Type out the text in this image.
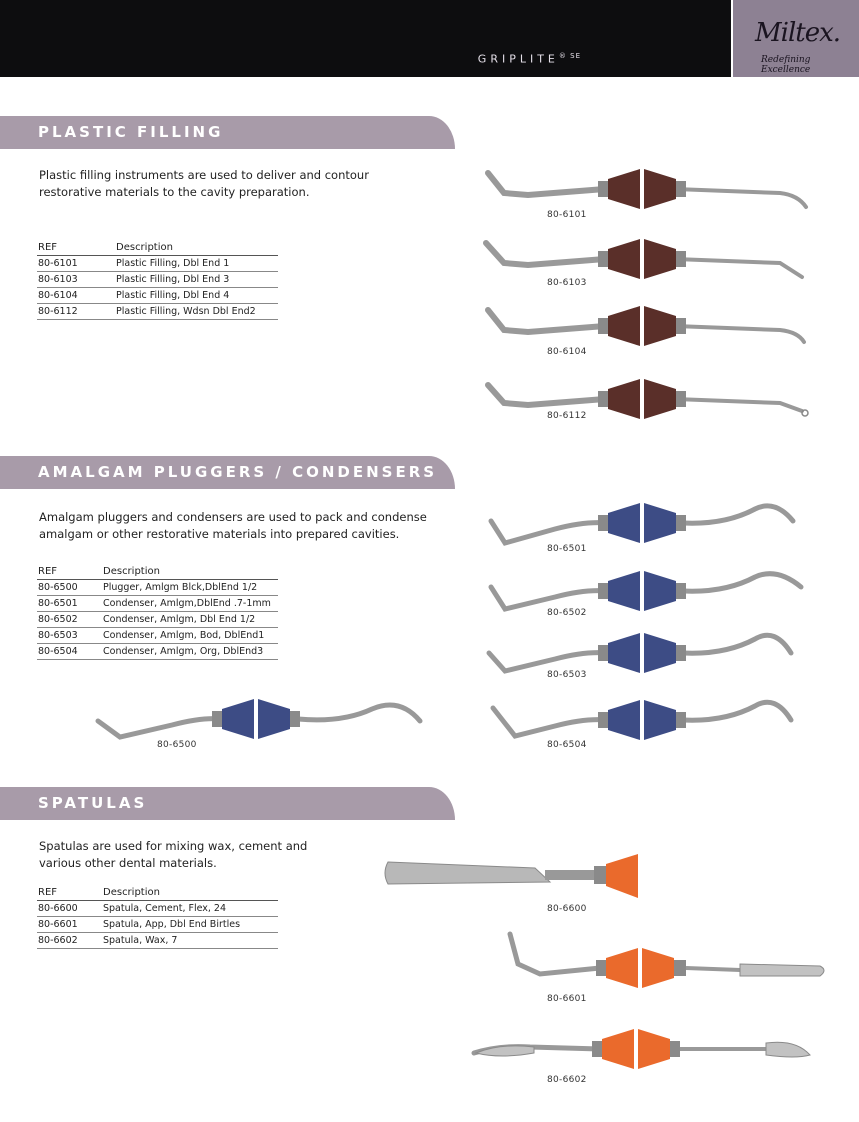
$GRIPLITE^{® SE}$
Miltex.
Redefining Excellence
PLASTIC FILLING
Plastic filling instruments are used to deliver and contour
restorative materials to the cavity preparation.
REF	Description
80-6101	Plastic Filling, Dbl End 1
80-6103	Plastic Filling, Dbl End 3
80-6104	Plastic Filling, Dbl End 4
80-6112	Plastic Filling, Wdsn Dbl End2
AMALGAM PLUGGERS / CONDENSERS
Amalgam pluggers and condensers are used to pack and condense
amalgam or other restorative materials into prepared cavities.
REF	Description
80-6500	Plugger, Amlgm Blck,DblEnd 1/2
80-6501	Condenser, Amlgm,DblEnd .7-1mm
80-6502	Condenser, Amlgm, Dbl End 1/2
80-6503	Condenser, Amlgm, Bod, DblEnd1
80-6504	Condenser, Amlgm, Org, DblEnd3
SPATULAS
Spatulas are used for mixing wax, cement and
various other dental materials.
REF	Description
80-6600	Spatula, Cement, Flex, 24
80-6601	Spatula, App, Dbl End Birtles
80-6602	Spatula, Wax, 7
80-6101
80-6103
80-6104
80-6112
80-6501
80-6502
80-6503
80-6504
80-6500
80-6600
80-6601
80-6602
